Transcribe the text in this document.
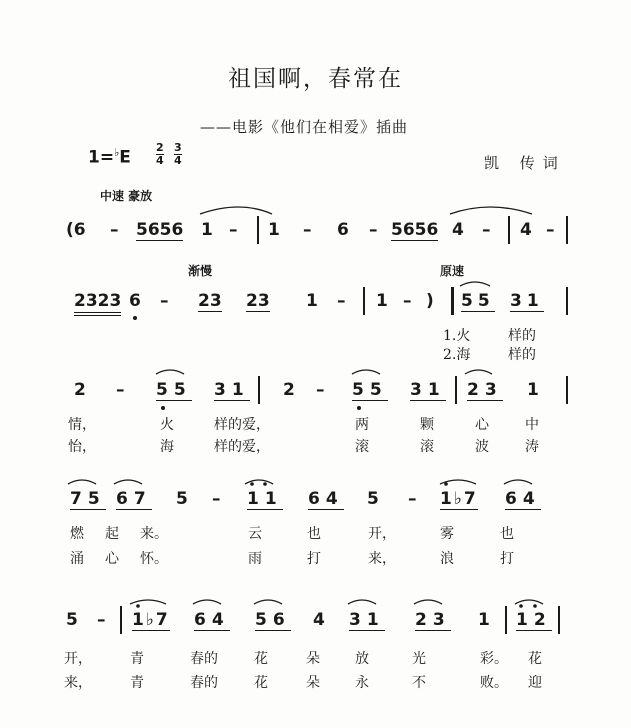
祖国啊，春常在
——电影《他们在相爱》插曲
1=♭E
2
4
3
4	凯 传词
中速 豪放
(6 – 5656 1 – 1 – 6 – 5656 4 – 4 –
渐慢	原速
2323 6 – 23 23 1 – 1 – ) 55 31
1.火	样的
2.海	样的
2 – 55 31 2 – 55 31 23 1
情，	火	样的爱，	两	颗	心	中
怡，	海	样的爱，	滚	滚	波	涛
75 67 5 – 11 64 5 – 1♭7 64
燃 起 来。	云	也	开，	雾	也
涌 心 怀。	雨	打	来，	浪	打
5 – 1♭7 64 56 4 31 23 1 12
开，	青	春的	花	朵	放	光	彩。 花
来，	青	春的	花	朵	永	不	败。 迎
